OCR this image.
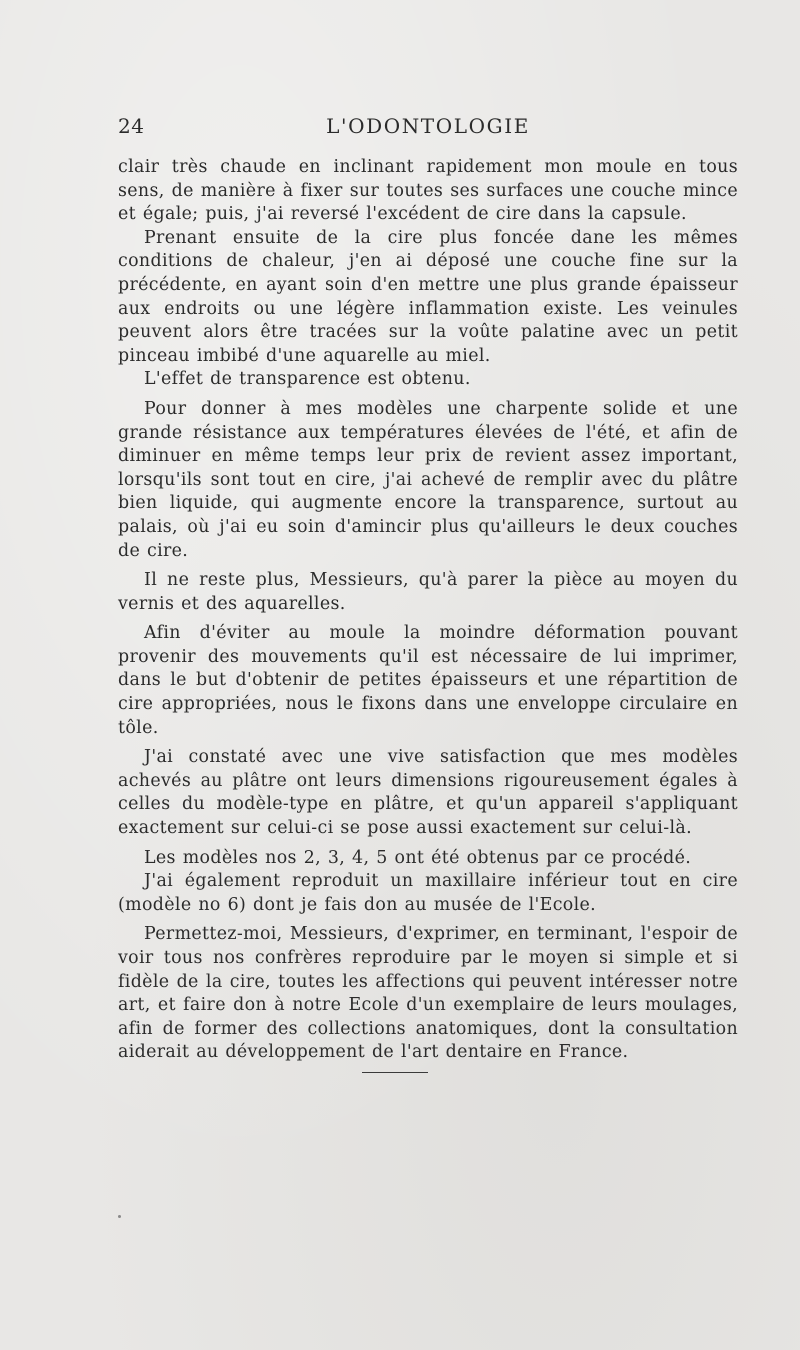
24	L'ODONTOLOGIE

clair très chaude en inclinant rapidement mon moule en tous sens, de manière à fixer sur toutes ses surfaces une couche mince et égale; puis, j'ai reversé l'excédent de cire dans la capsule.

Prenant ensuite de la cire plus foncée dane les mêmes conditions de chaleur, j'en ai déposé une couche fine sur la précédente, en ayant soin d'en mettre une plus grande épaisseur aux endroits ou une légère inflammation existe. Les veinules peuvent alors être tracées sur la voûte palatine avec un petit pinceau imbibé d'une aquarelle au miel.

L'effet de transparence est obtenu.

Pour donner à mes modèles une charpente solide et une grande résistance aux températures élevées de l'été, et afin de diminuer en même temps leur prix de revient assez important, lorsqu'ils sont tout en cire, j'ai achevé de remplir avec du plâtre bien liquide, qui augmente encore la transparence, surtout au palais, où j'ai eu soin d'amincir plus qu'ailleurs le deux couches de cire.

Il ne reste plus, Messieurs, qu'à parer la pièce au moyen du vernis et des aquarelles.

Afin d'éviter au moule la moindre déformation pouvant provenir des mouvements qu'il est nécessaire de lui imprimer, dans le but d'obtenir de petites épaisseurs et une répartition de cire appropriées, nous le fixons dans une enveloppe circulaire en tôle.

J'ai constaté avec une vive satisfaction que mes modèles achevés au plâtre ont leurs dimensions rigoureusement égales à celles du modèle-type en plâtre, et qu'un appareil s'appliquant exactement sur celui-ci se pose aussi exactement sur celui-là.

Les modèles nos 2, 3, 4, 5 ont été obtenus par ce procédé.

J'ai également reproduit un maxillaire inférieur tout en cire (modèle no 6) dont je fais don au musée de l'Ecole.

Permettez-moi, Messieurs, d'exprimer, en terminant, l'espoir de voir tous nos confrères reproduire par le moyen si simple et si fidèle de la cire, toutes les affections qui peuvent intéresser notre art, et faire don à notre Ecole d'un exemplaire de leurs moulages, afin de former des collections anatomiques, dont la consultation aiderait au développement de l'art dentaire en France.
